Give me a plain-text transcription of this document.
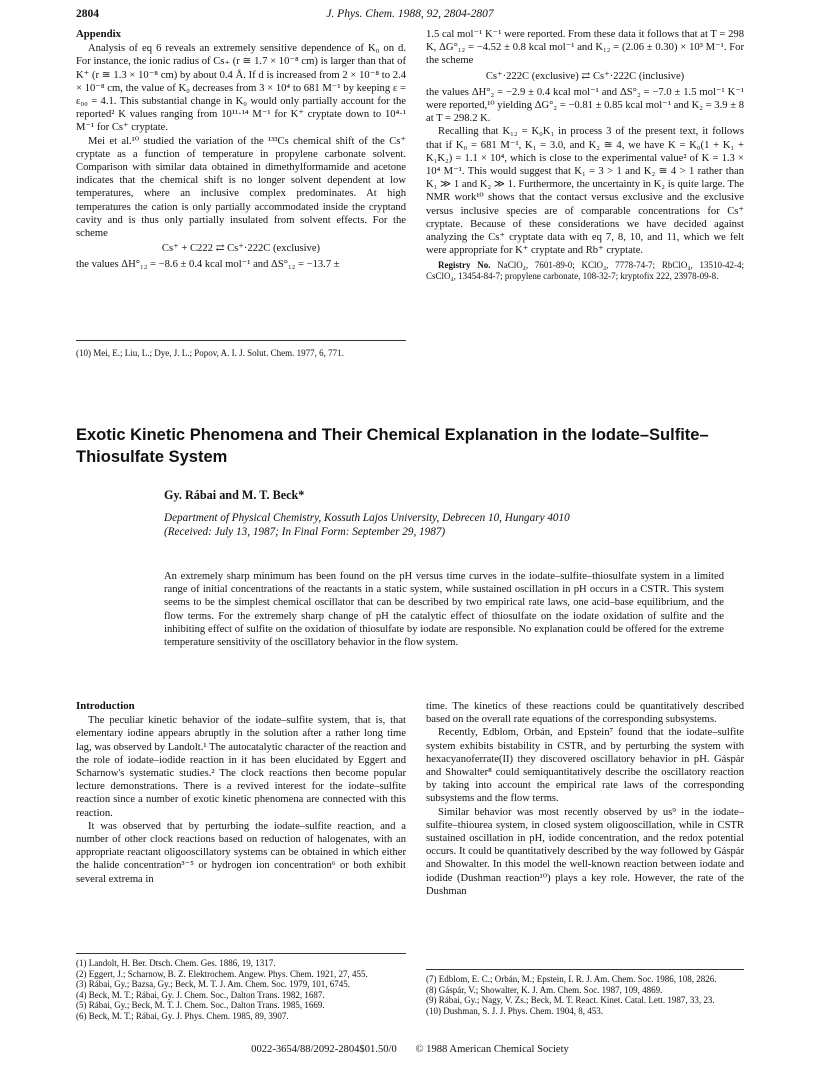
J. Phys. Chem. 1988, 92, 2804-2807
2804
Appendix

Analysis of eq 6 reveals an extremely sensitive dependence of K₀ on d. For instance, the ionic radius of Cs₊ (r ≅ 1.7 × 10⁻⁸ cm) is larger than that of K⁺ (r ≅ 1.3 × 10⁻⁸ cm) by about 0.4 Å. If d is increased from 2 × 10⁻⁸ to 2.4 × 10⁻⁸ cm, the value of K₀ decreases from 3 × 10⁴ to 681 M⁻¹ by keeping ε = ε₀₀ = 4.1. This substantial change in K₀ would only partially account for the reported² K values ranging from 10¹¹·¹⁴ M⁻¹ for K⁺ cryptate down to 10⁴·¹ M⁻¹ for Cs⁺ cryptate.

Mei et al.¹⁰ studied the variation of the ¹³³Cs chemical shift of the Cs⁺ cryptate as a function of temperature in propylene carbonate solvent. Comparison with similar data obtained in dimethylformamide and acetone indicates that the chemical shift is no longer solvent dependent at low temperatures, where an inclusive complex predominates. At high temperatures the cation is only partially accommodated inside the cryptand cavity and is thus only partially insulated from solvent effects. For the scheme

Cs⁺ + C222 ⇄ Cs⁺·222C (exclusive)

the values ΔH°₁₂ = −8.6 ± 0.4 kcal mol⁻¹ and ΔS°₁₂ = −13.7 ±

(10) Mei, E.; Liu, L.; Dye, J. L.; Popov, A. I. J. Solut. Chem. 1977, 6, 771.

1.5 cal mol⁻¹ K⁻¹ were reported. From these data it follows that at T = 298 K, ΔG°₁₂ = −4.52 ± 0.8 kcal mol⁻¹ and K₁₂ = (2.06 ± 0.30) × 10³ M⁻¹. For the scheme

Cs⁺·222C (exclusive) ⇄ Cs⁺·222C (inclusive)

the values ΔH°₂ = −2.9 ± 0.4 kcal mol⁻¹ and ΔS°₂ = −7.0 ± 1.5 mol⁻¹ K⁻¹ were reported,¹⁰ yielding ΔG°₂ = −0.81 ± 0.85 kcal mol⁻¹ and K₂ = 3.9 ± 8 at T = 298.2 K.

Recalling that K₁₂ = K₀K₁ in process 3 of the present text, it follows that if K₀ = 681 M⁻¹, K₁ = 3.0, and K₂ ≅ 4, we have K = K₀(1 + K₁ + K₁K₂) = 1.1 × 10⁴, which is close to the experimental value² of K = 1.3 × 10⁴ M⁻¹. This would suggest that K₁ = 3 > 1 and K₂ ≅ 4 > 1 rather than K₁ ≫ 1 and K₂ ≫ 1. Furthermore, the uncertainty in K₂ is quite large. The NMR work¹⁰ shows that the contact versus exclusive and the exclusive versus inclusive species are of comparable concentrations for Cs⁺ cryptate. Because of these considerations we have decided against analyzing the Cs⁺ cryptate data with eq 7, 8, 10, and 11, which we felt were appropriate for K⁺ cryptate and Rb⁺ cryptate.

Registry No. NaClO₄, 7601-89-0; KClO₄, 7778-74-7; RbClO₄, 13510-42-4; CsClO₄, 13454-84-7; propylene carbonate, 108-32-7; kryptofix 222, 23978-09-8.

Exotic Kinetic Phenomena and Their Chemical Explanation in the Iodate–Sulfite–Thiosulfate System
Gy. Rábai and M. T. Beck*
Department of Physical Chemistry, Kossuth Lajos University, Debrecen 10, Hungary 4010
(Received: July 13, 1987; In Final Form: September 29, 1987)
An extremely sharp minimum has been found on the pH versus time curves in the iodate–sulfite–thiosulfate system in a limited range of initial concentrations of the reactants in a static system, while sustained oscillation in pH occurs in a CSTR. This system seems to be the simplest chemical oscillator that can be described by two empirical rate laws, one acid–base equilibrium, and the flow terms. For the extremely sharp change of pH the catalytic effect of thiosulfate on the iodate oxidation of sulfite and the inhibiting effect of sulfite on the oxidation of thiosulfate by iodate are responsible. No explanation could be offered for the extreme temperature sensitivity of the oscillatory behavior in the flow system.
Introduction

The peculiar kinetic behavior of the iodate–sulfite system, that is, that elementary iodine appears abruptly in the solution after a rather long time lag, was observed by Landolt.¹ The autocatalytic character of the reaction and the role of iodate–iodide reaction in it has been elucidated by Eggert and Scharnow's systematic studies.² The clock reactions then become popular lecture demonstrations. There is a revived interest for the iodate–sulfite reaction since a number of exotic kinetic phenomena are connected with this reaction.

It was observed that by perturbing the iodate–sulfite reaction, and a number of other clock reactions based on reduction of halogenates, with an appropriate reactant oligooscillatory systems can be obtained in which either the halide concentration³⁻⁵ or hydrogen ion concentration⁶ or both exhibit several extrema in

time. The kinetics of these reactions could be quantitatively described based on the overall rate equations of the corresponding subsystems.

Recently, Edblom, Orbán, and Epstein⁷ found that the iodate–sulfite system exhibits bistability in CSTR, and by perturbing the system with hexacyanoferrate(II) they discovered oscillatory behavior in pH. Gáspár and Showalter⁸ could semiquantitatively describe the oscillatory reaction by taking into account the empirical rate laws of the corresponding subsystems and the flow terms.

Similar behavior was most recently observed by us⁹ in the iodate–sulfite–thiourea system, in closed system oligooscillation, while in CSTR sustained oscillation in pH, iodide concentration, and the redox potential occurs. It could be quantitatively described by the way followed by Gáspár and Showalter. In this model the well-known reaction between iodate and iodide (Dushman reaction¹⁰) plays a key role. However, the rate of the Dushman

(1) Landolt, H. Ber. Dtsch. Chem. Ges. 1886, 19, 1317.
(2) Eggert, J.; Scharnow, B. Z. Elektrochem. Angew. Phys. Chem. 1921, 27, 455.
(3) Rábai, Gy.; Bazsa, Gy.; Beck, M. T. J. Am. Chem. Soc. 1979, 101, 6745.
(4) Beck, M. T.; Rábai, Gy. J. Chem. Soc., Dalton Trans. 1982, 1687.
(5) Rábai, Gy.; Beck, M. T. J. Chem. Soc., Dalton Trans. 1985, 1669.
(6) Beck, M. T.; Rábai, Gy. J. Phys. Chem. 1985, 89, 3907.
(7) Edblom, E. C.; Orbán, M.; Epstein, I. R. J. Am. Chem. Soc. 1986, 108, 2826.
(8) Gáspár, V.; Showalter, K. J. Am. Chem. Soc. 1987, 109, 4869.
(9) Rábai, Gy.; Nagy, V. Zs.; Beck, M. T. React. Kinet. Catal. Lett. 1987, 33, 23.
(10) Dushman, S. J. J. Phys. Chem. 1904, 8, 453.
0022-3654/88/2092-2804$01.50/0 © 1988 American Chemical Society
